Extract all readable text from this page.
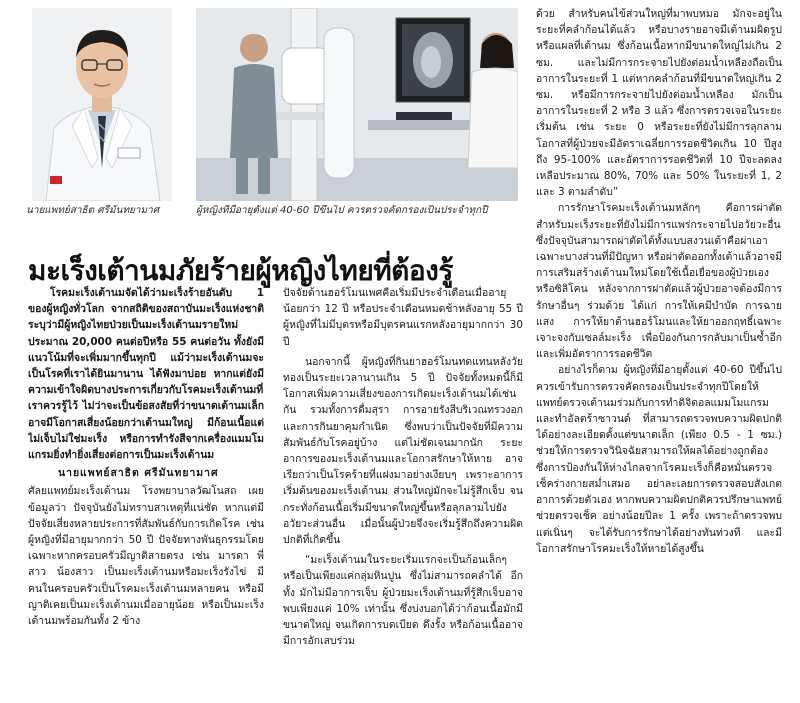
นายแพทย์สาธิต ศรีมันทยามาศ	ผู้หญิงที่มีอายุตั้งแต่ 40-60 ปีขึ้นไป ควรตรวจคัดกรองเป็นประจำทุกปี
มะเร็งเต้านมภัยร้ายผู้หญิงไทยที่ต้องรู้

โรคมะเร็งเต้านมจัดได้ว่ามะเร็งร้ายอันดับ 1 ของผู้หญิงทั่วโลก จากสถิติของสถาบันมะเร็งแห่งชาติ ระบุว่ามีผู้หญิงไทยป่วยเป็นมะเร็งเต้านมรายใหม่ประมาณ 20,000 คนต่อปีหรือ 55 คนต่อวัน ทั้งยังมีแนวโน้มที่จะเพิ่มมากขึ้นทุกปี แม้ว่ามะเร็งเต้านมจะเป็นโรคที่เราได้ยินมานาน ได้ฟังมาบ่อย หากแต่ยังมีความเข้าใจผิดบางประการเกี่ยวกับโรคมะเร็งเต้านมที่เราควรรู้ไว้ ไม่ว่าจะเป็นข้อสงสัยที่ว่าขนาดเต้านมเล็กอาจมีโอกาสเสี่ยงน้อยกว่าเต้านมใหญ่ มีก้อนเนื้อแต่ไม่เจ็บไม่ใช่มะเร็ง หรือการทำรังสีจากเครื่องแมมโมแกรมยิ่งทำยิ่งเสี่ยงต่อการเป็นมะเร็งเต้านม

นายแพทย์สาธิต ศรีมันทยามาศ

ศัลยแพทย์มะเร็งเต้านม โรงพยาบาลวัฒโนสถ เผยข้อมูลว่า ปัจจุบันยังไม่ทราบสาเหตุที่แน่ชัด หากแต่มีปัจจัยเสี่ยงหลายประการที่สัมพันธ์กับการเกิดโรค เช่น ผู้หญิงที่มีอายุมากกว่า 50 ปี ปัจจัยทางพันธุกรรมโดยเฉพาะหากครอบครัวมีญาติสายตรง เช่น มารดา พี่สาว น้องสาว เป็นมะเร็งเต้านมหรือมะเร็งรังไข่ มีคนในครอบครัวเป็นโรคมะเร็งเต้านมหลายคน หรือมีญาติเคยเป็นมะเร็งเต้านมเมื่ออายุน้อย หรือเป็นมะเร็งเต้านมพร้อมกันทั้ง 2 ข้าง

ปัจจัยด้านฮอร์โมนเพศคือเริ่มมีประจำเดือนเมื่ออายุน้อยกว่า 12 ปี หรือประจำเดือนหมดช้าหลังอายุ 55 ปี ผู้หญิงที่ไม่มีบุตรหรือมีบุตรคนแรกหลังอายุมากกว่า 30 ปี

นอกจากนี้ ผู้หญิงที่กินยาฮอร์โมนทดแทนหลังวัยทองเป็นระยะเวลานานเกิน 5 ปี ปัจจัยทั้งหมดนี้ก็มีโอกาสเพิ่มความเสี่ยงของการเกิดมะเร็งเต้านมได้เช่นกัน รวมทั้งการดื่มสุรา การอายรังสีบริเวณทรวงอก และการกินยาคุมกำเนิด ซึ่งพบว่าเป็นปัจจัยที่มีความสัมพันธ์กับโรคอยู่บ้าง แต่ไม่ชัดเจนมากนัก ระยะอาการของมะเร็งเต้านมและโอกาสรักษาให้หาย อาจเรียกว่าเป็นโรคร้ายที่แฝงมาอย่างเงียบๆ เพราะอาการเริ่มต้นของมะเร็งเต้านม ส่วนใหญ่มักจะไม่รู้สึกเจ็บ จนกระทั่งก้อนเนื้อเริ่มมีขนาดใหญ่ขึ้นหรือลุกลามไปยังอวัยวะส่วนอื่น เมื่อนั้นผู้ป่วยจึงจะเริ่มรู้สึกถึงความผิดปกติที่เกิดขึ้น

“มะเร็งเต้านมในระยะเริ่มแรกจะเป็นก้อนเล็กๆ หรือเป็นเพียงแค่กลุ่มหินปูน ซึ่งไม่สามารถคลำได้ อีกทั้ง มักไม่มีอาการเจ็บ ผู้ป่วยมะเร็งเต้านมที่รู้สึกเจ็บอาจพบเพียงแค่ 10% เท่านั้น ซึ่งบ่งบอกได้ว่าก้อนเนื้อมักมีขนาดใหญ่ จนเกิดการบดเบียด ดึงรั้ง หรือก้อนเนื้ออาจมีการอักเสบร่วม

ด้วย สำหรับคนไข้ส่วนใหญ่ที่มาพบหมอ มักจะอยู่ในระยะที่คลำก้อนได้แล้ว หรือบางรายอาจมีเต้านมผิดรูปหรือแผลที่เต้านม ซึ่งก้อนเนื้อหากมีขนาดใหญ่ไม่เกิน 2 ซม. และไม่มีการกระจายไปยังต่อมน้ำเหลืองถือเป็นอาการในระยะที่ 1 แต่หากคลำก้อนที่มีขนาดใหญ่เกิน 2 ซม. หรือมีการกระจายไปยังต่อมน้ำเหลือง มักเป็นอาการในระยะที่ 2 หรือ 3 แล้ว ซึ่งการตรวจเจอในระยะเริ่มต้น เช่น ระยะ 0 หรือระยะที่ยังไม่มีการลุกลาม โอกาสที่ผู้ป่วยจะมีอัตราเฉลี่ยการรอดชีวิตเกิน 10 ปีสูงถึง 95-100% และอัตราการรอดชีวิตที่ 10 ปีจะลดลงเหลือประมาณ 80%, 70% และ 50% ในระยะที่ 1, 2 และ 3 ตามลำดับ”

การรักษาโรคมะเร็งเต้านมหลักๆ คือการผ่าตัด สำหรับมะเร็งระยะที่ยังไม่มีการแพร่กระจายไปอวัยวะอื่น ซึ่งปัจจุบันสามารถผ่าตัดได้ทั้งแบบสงวนเต้าคือผ่าเอาเฉพาะบางส่วนที่มีปัญหา หรือผ่าตัดออกทั้งเต้าแล้วอาจมีการเสริมสร้างเต้านมใหม่โดยใช้เนื้อเยื่อของผู้ป่วยเองหรือซิลิโคน หลังจากการผ่าตัดแล้วผู้ป่วยอาจต้องมีการรักษาอื่นๆ ร่วมด้วย ได้แก่ การให้เคมีบำบัด การฉายแสง การให้ยาต้านฮอร์โมนและให้ยาออกฤทธิ์เฉพาะเจาะจงกับเซลล์มะเร็ง เพื่อป้องกันการกลับมาเป็นซ้ำอีก และเพิ่มอัตราการรอดชีวิต

อย่างไรก็ตาม ผู้หญิงที่มีอายุตั้งแต่ 40-60 ปีขึ้นไป ควรเข้ารับการตรวจคัดกรองเป็นประจำทุกปีโดยให้แพทย์ตรวจเต้านมร่วมกับการทำดิจิตอลแมมโมแกรมและทำอัลตร้าซาวนด์ ที่สามารถตรวจพบความผิดปกติได้อย่างละเอียดตั้งแต่ขนาดเล็ก (เพียง 0.5 - 1 ซม.) ช่วยให้การตรวจวินิจฉัยสามารถให้ผลได้อย่างถูกต้อง ซึ่งการป้องกันให้ห่างไกลจากโรคมะเร็งก็คือหมั่นตรวจเช็คร่างกายสม่ำเสมอ อย่าละเลยการตรวจสอบสังเกตอาการด้วยตัวเอง หากพบความผิดปกติควรปรึกษาแพทย์ช่วยตรวจเช็ค อย่างน้อยปีละ 1 ครั้ง เพราะถ้าตรวจพบแต่เนิ่นๆ จะได้รับการรักษาได้อย่างทันท่วงที และมีโอกาสรักษาโรคมะเร็งให้หายได้สูงขึ้น
